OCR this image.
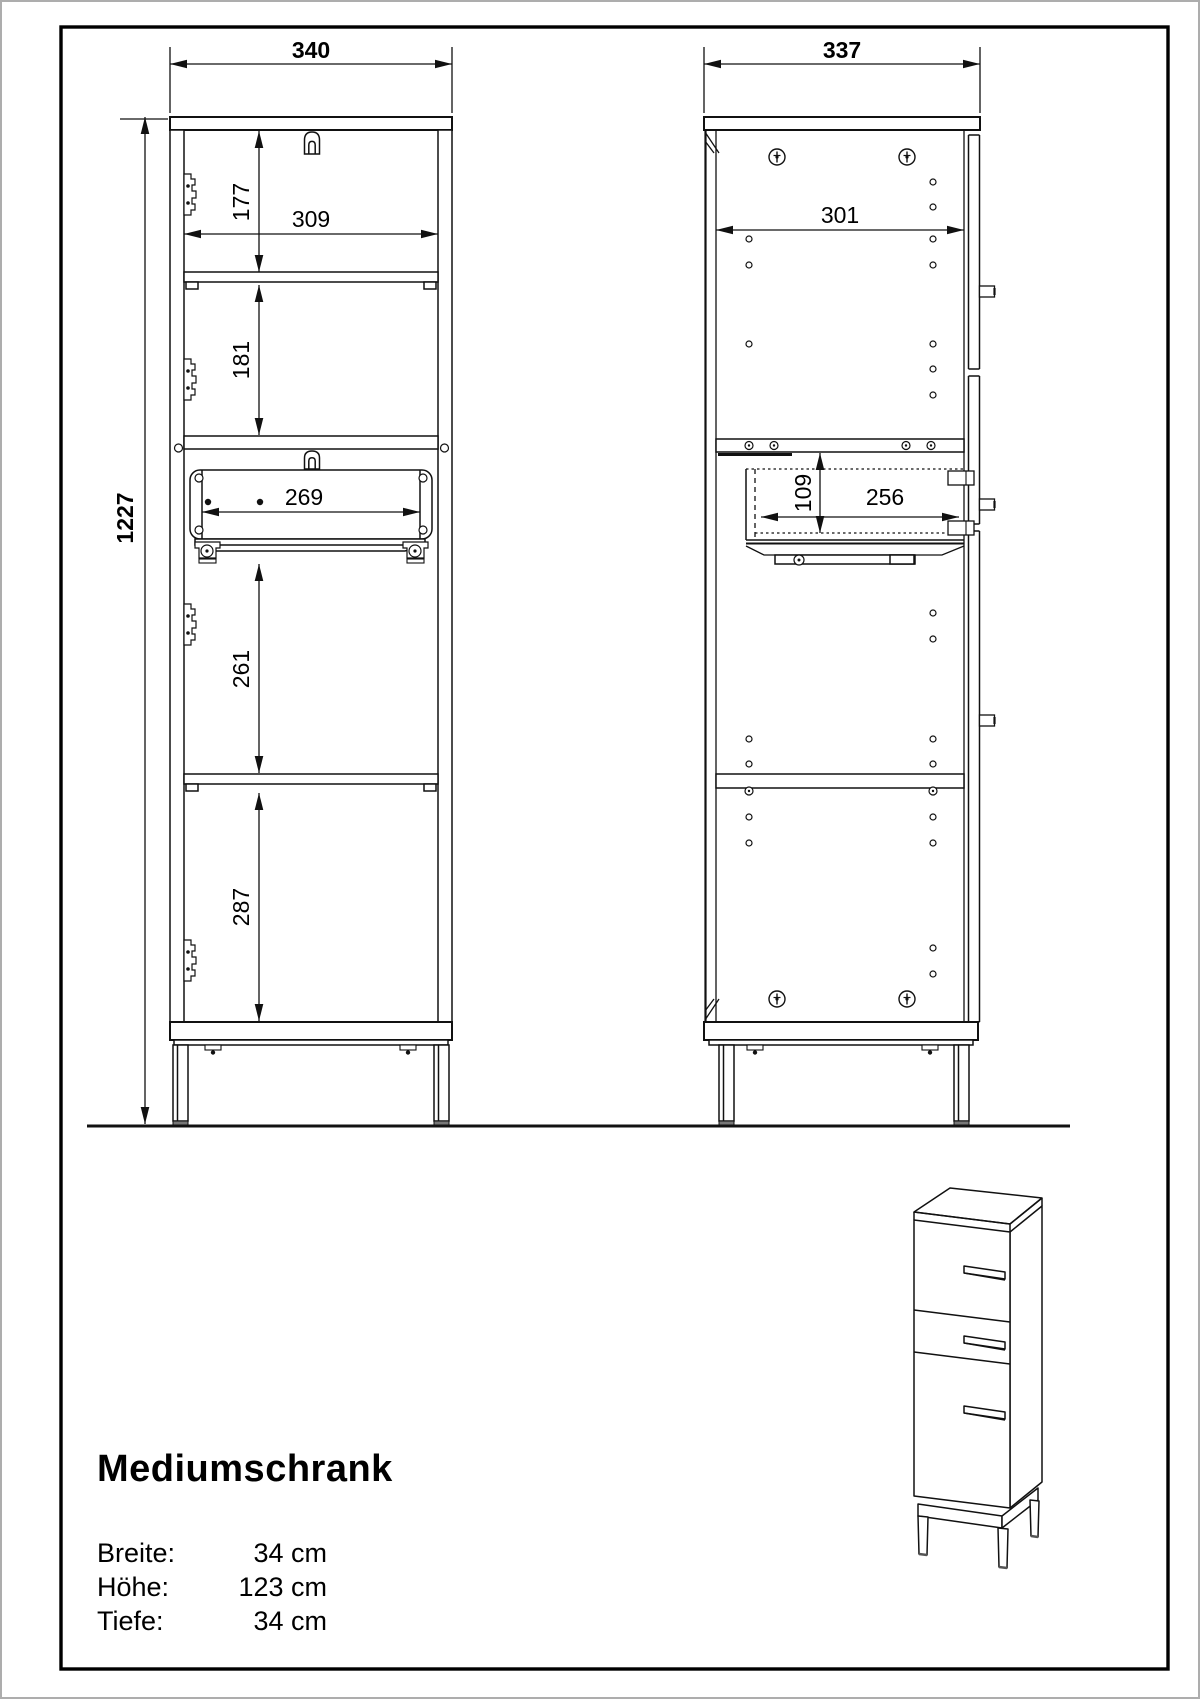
340
1227
177 309
181
269
261
287
337
301
109 256
Mediumschrank
Breite:	34 cm
Höhe:	123 cm
Tiefe:	34 cm
